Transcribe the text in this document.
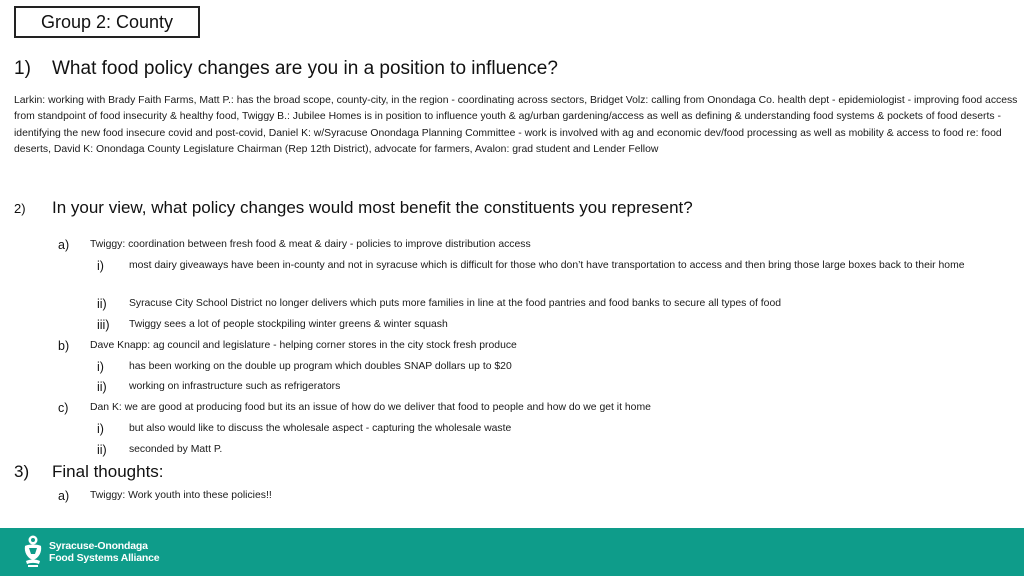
Group 2: County
1)	What food policy changes are you in a position to influence?
Larkin: working with Brady Faith Farms, Matt P.: has the broad scope, county-city, in the region - coordinating across sectors, Bridget Volz: calling from Onondaga Co. health dept - epidemiologist - improving food access from standpoint of food insecurity & healthy food, Twiggy B.: Jubilee Homes is in position to influence youth & ag/urban gardening/access as well as defining & understanding food systems & pockets of food deserts - identifying the new food insecure covid and post-covid, Daniel K: w/Syracuse Onondaga Planning Committee - work is involved with ag and economic dev/food processing as well as mobility & access to food re: food deserts, David K: Onondaga County Legislature Chairman (Rep 12th District), advocate for farmers, Avalon: grad student and Lender Fellow
2)	In your view, what policy changes would most benefit the constituents you represent?
a)	Twiggy: coordination between fresh food & meat & dairy - policies to improve distribution access
i)	most dairy giveaways have been in-county and not in syracuse which is difficult for those who don’t have transportation to access and then bring those large boxes back to their home
ii)	Syracuse City School District no longer delivers which puts more families in line at the food pantries and food banks to secure all types of food
iii)	Twiggy sees a lot of people stockpiling winter greens & winter squash
b)	Dave Knapp: ag council and legislature - helping corner stores in the city stock fresh produce
i)	has been working on the double up program which doubles SNAP dollars up to $20
ii)	working on infrastructure such as refrigerators
c)	Dan K: we are good at producing food but its an issue of how do we deliver that food to people and how do we get it home
i)	but also would like to discuss the wholesale aspect - capturing the wholesale waste
ii)	seconded by Matt P.
3)	Final thoughts:
a)	Twiggy: Work youth into these policies!!
Syracuse-Onondaga
Food Systems Alliance
